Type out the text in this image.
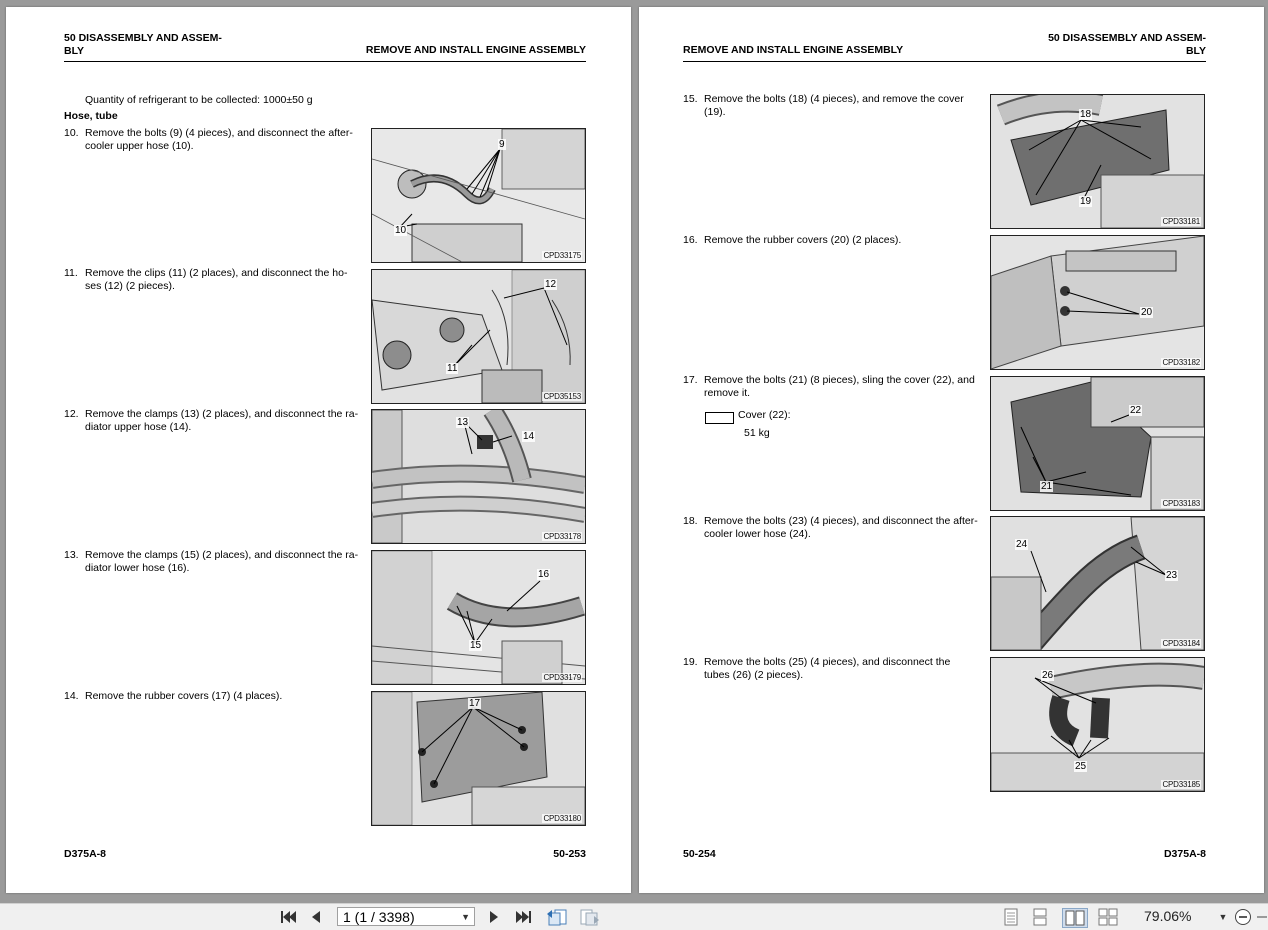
50 DISASSEMBLY AND ASSEM-
BLY	REMOVE AND INSTALL ENGINE ASSEMBLY
Quantity of refrigerant to be collected: 1000±50 g
Hose, tube
10. Remove the bolts (9) (4 pieces), and disconnect the after-
cooler upper hose (10).	9
10
CPD33175
11. Remove the clips (11) (2 places), and disconnect the ho-
ses (12) (2 pieces).	12
11
CPD35153
12. Remove the clamps (13) (2 places), and disconnect the ra-
diator upper hose (14).	13
14
CPD33178
13. Remove the clamps (15) (2 places), and disconnect the ra-
diator lower hose (16).
16
15
CPD33179
14. Remove the rubber covers (17) (4 places).
17
CPD33180
D375A-8	50-253
REMOVE AND INSTALL ENGINE ASSEMBLY
50 DISASSEMBLY AND ASSEM-
BLY
15. Remove the bolts (18) (4 pieces), and remove the cover
(19).	18
19
CPD33181
16. Remove the rubber covers (20) (2 places).
20
CPD33182
17. Remove the bolts (21) (8 pieces), sling the cover (22), and
remove it.
Cover (22):
51 kg
22
21
CPD33183
18. Remove the bolts (23) (4 pieces), and disconnect the after-
cooler lower hose (24).
24
23
CPD33184
19. Remove the bolts (25) (4 pieces), and disconnect the
tubes (26) (2 pieces).	26
25
CPD33185
50-254	D375A-8
1 (1 / 3398)	▼	79.06%	▼
